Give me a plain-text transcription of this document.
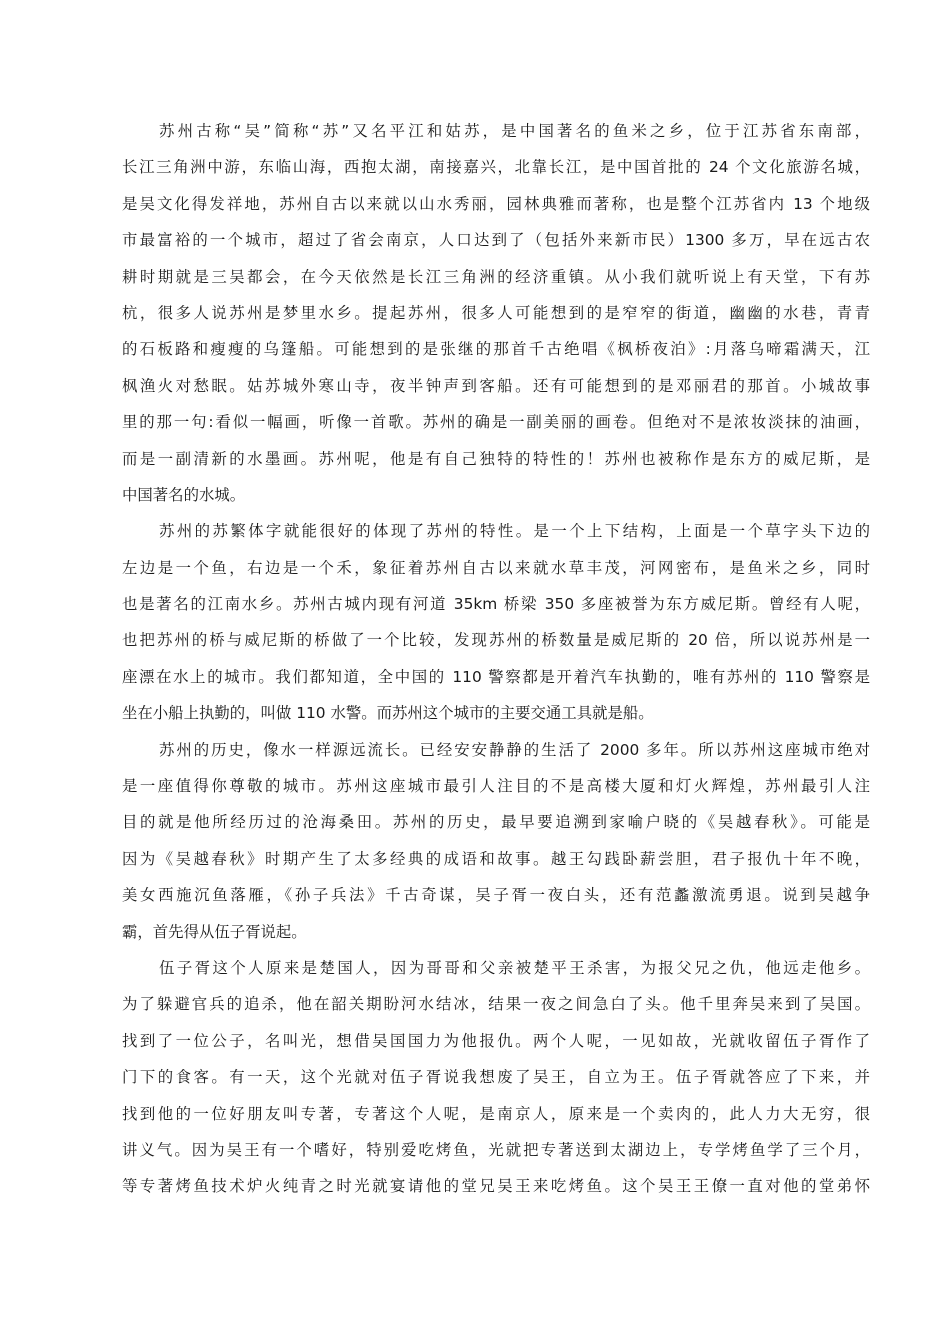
苏州古称“吴”简称“苏”又名平江和姑苏，是中国著名的鱼米之乡，位于江苏省东南部，
长江三角洲中游，东临山海，西抱太湖，南接嘉兴，北靠长江，是中国首批的 24 个文化旅游名城，
是吴文化得发祥地，苏州自古以来就以山水秀丽，园林典雅而著称，也是整个江苏省内 13 个地级
市最富裕的一个城市，超过了省会南京，人口达到了（包括外来新市民）1300 多万，早在远古农
耕时期就是三吴都会，在今天依然是长江三角洲的经济重镇。从小我们就听说上有天堂，下有苏
杭，很多人说苏州是梦里水乡。提起苏州，很多人可能想到的是窄窄的街道，幽幽的水巷，青青
的石板路和瘦瘦的乌篷船。可能想到的是张继的那首千古绝唱《枫桥夜泊》:月落乌啼霜满天，江
枫渔火对愁眠。姑苏城外寒山寺，夜半钟声到客船。还有可能想到的是邓丽君的那首。小城故事
里的那一句:看似一幅画，听像一首歌。苏州的确是一副美丽的画卷。但绝对不是浓妆淡抹的油画，
而是一副清新的水墨画。苏州呢，他是有自己独特的特性的！苏州也被称作是东方的威尼斯，是
中国著名的水城。
苏州的苏繁体字就能很好的体现了苏州的特性。是一个上下结构，上面是一个草字头下边的
左边是一个鱼，右边是一个禾，象征着苏州自古以来就水草丰茂，河网密布，是鱼米之乡，同时
也是著名的江南水乡。苏州古城内现有河道 35km 桥梁 350 多座被誉为东方威尼斯。曾经有人呢，
也把苏州的桥与威尼斯的桥做了一个比较，发现苏州的桥数量是威尼斯的 20 倍，所以说苏州是一
座漂在水上的城市。我们都知道，全中国的 110 警察都是开着汽车执勤的，唯有苏州的 110 警察是
坐在小船上执勤的，叫做 110 水警。而苏州这个城市的主要交通工具就是船。
苏州的历史，像水一样源远流长。已经安安静静的生活了 2000 多年。所以苏州这座城市绝对
是一座值得你尊敬的城市。苏州这座城市最引人注目的不是高楼大厦和灯火辉煌，苏州最引人注
目的就是他所经历过的沧海桑田。苏州的历史，最早要追溯到家喻户晓的《吴越春秋》。可能是
因为《吴越春秋》时期产生了太多经典的成语和故事。越王勾践卧薪尝胆，君子报仇十年不晚，
美女西施沉鱼落雁，《孙子兵法》千古奇谋，吴子胥一夜白头，还有范蠡激流勇退。说到吴越争
霸，首先得从伍子胥说起。
伍子胥这个人原来是楚国人，因为哥哥和父亲被楚平王杀害，为报父兄之仇，他远走他乡。
为了躲避官兵的追杀，他在韶关期盼河水结冰，结果一夜之间急白了头。他千里奔吴来到了吴国。
找到了一位公子，名叫光，想借吴国国力为他报仇。两个人呢，一见如故，光就收留伍子胥作了
门下的食客。有一天，这个光就对伍子胥说我想废了吴王，自立为王。伍子胥就答应了下来，并
找到他的一位好朋友叫专著，专著这个人呢，是南京人，原来是一个卖肉的，此人力大无穷，很
讲义气。因为吴王有一个嗜好，特别爱吃烤鱼，光就把专著送到太湖边上，专学烤鱼学了三个月，
等专著烤鱼技术炉火纯青之时光就宴请他的堂兄吴王来吃烤鱼。这个吴王王僚一直对他的堂弟怀
